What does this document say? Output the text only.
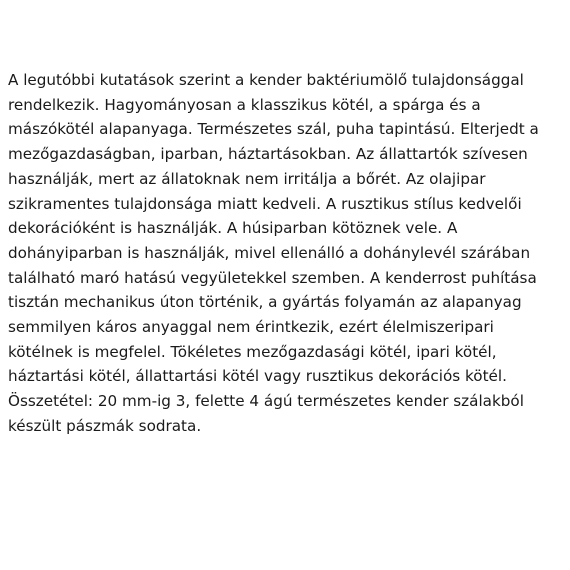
A legutóbbi kutatások szerint a kender baktériumölő tulajdonsággal
rendelkezik. Hagyományosan a klasszikus kötél, a spárga és a
mászókötél alapanyaga. Természetes szál, puha tapintású. Elterjedt a
mezőgazdaságban, iparban, háztartásokban. Az állattartók szívesen
használják, mert az állatoknak nem irritálja a bőrét. Az olajipar
szikramentes tulajdonsága miatt kedveli. A rusztikus stílus kedvelői
dekorációként is használják. A húsiparban kötöznek vele. A
dohányiparban is használják, mivel ellenálló a dohánylevél szárában
található maró hatású vegyületekkel szemben. A kenderrost puhítása
tisztán mechanikus úton történik, a gyártás folyamán az alapanyag
semmilyen káros anyaggal nem érintkezik, ezért élelmiszeripari
kötélnek is megfelel. Tökéletes mezőgazdasági kötél, ipari kötél,
háztartási kötél, állattartási kötél vagy rusztikus dekorációs kötél.

Összetétel: 20 mm-ig 3, felette 4 ágú természetes kender szálakból
készült pászmák sodrata.
